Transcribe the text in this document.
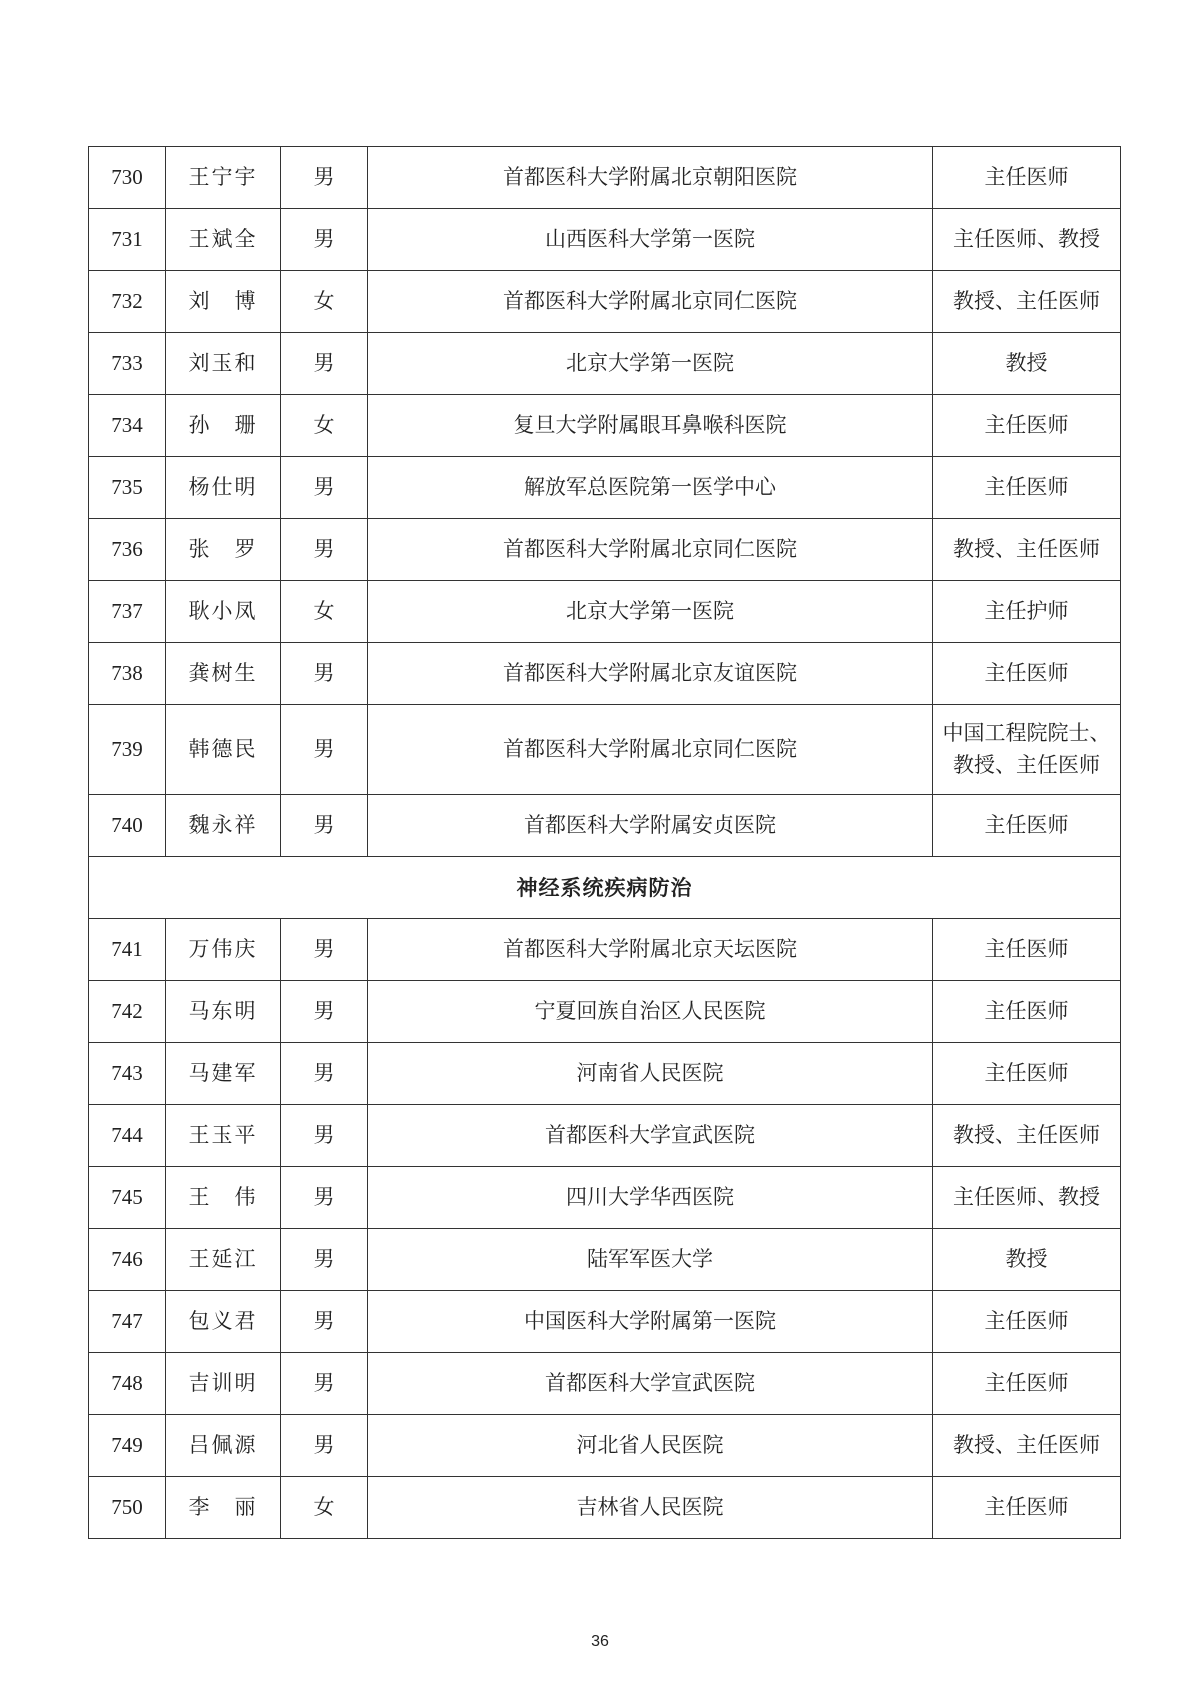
730	王宁宇	男	首都医科大学附属北京朝阳医院	主任医师
731	王斌全	男	山西医科大学第一医院	主任医师、教授
732	刘　博	女	首都医科大学附属北京同仁医院	教授、主任医师
733	刘玉和	男	北京大学第一医院	教授
734	孙　珊	女	复旦大学附属眼耳鼻喉科医院	主任医师
735	杨仕明	男	解放军总医院第一医学中心	主任医师
736	张　罗	男	首都医科大学附属北京同仁医院	教授、主任医师
737	耿小凤	女	北京大学第一医院	主任护师
738	龚树生	男	首都医科大学附属北京友谊医院	主任医师
739	韩德民	男	首都医科大学附属北京同仁医院	中国工程院院士、
教授、主任医师

740	魏永祥	男	首都医科大学附属安贞医院	主任医师
神经系统疾病防治				
741	万伟庆	男	首都医科大学附属北京天坛医院	主任医师
742	马东明	男	宁夏回族自治区人民医院	主任医师
743	马建军	男	河南省人民医院	主任医师
744	王玉平	男	首都医科大学宣武医院	教授、主任医师
745	王　伟	男	四川大学华西医院	主任医师、教授
746	王延江	男	陆军军医大学	教授
747	包义君	男	中国医科大学附属第一医院	主任医师
748	吉训明	男	首都医科大学宣武医院	主任医师
749	吕佩源	男	河北省人民医院	教授、主任医师
750	李　丽	女	吉林省人民医院	主任医师
36
